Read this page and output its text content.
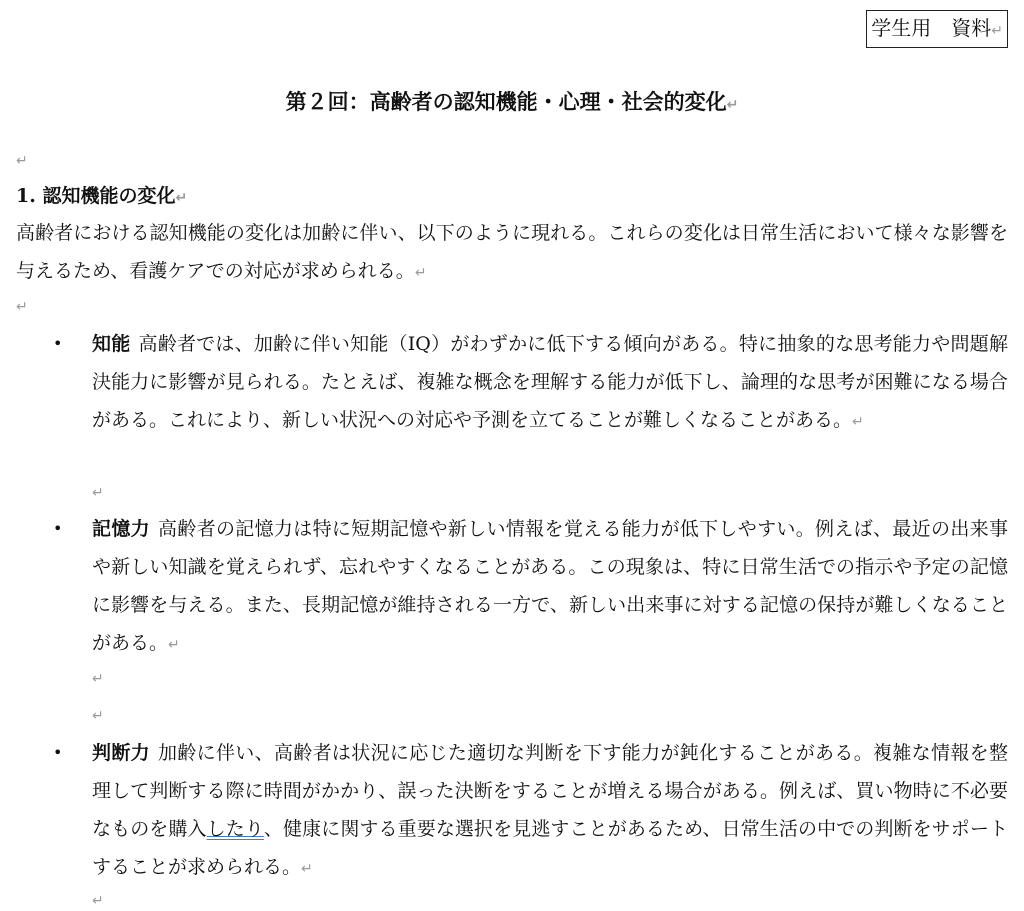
学生用　資料↵
第２回：高齢者の認知機能・心理・社会的変化↵
↵
1. 認知機能の変化↵
高齢者における認知機能の変化は加齢に伴い、以下のように現れる。これらの変化は日常生活において様々な影響を与えるため、看護ケアでの対応が求められる。↵
↵
• 知能 高齢者では、加齢に伴い知能（IQ）がわずかに低下する傾向がある。特に抽象的な思考能力や問題解決能力に影響が見られる。たとえば、複雑な概念を理解する能力が低下し、論理的な思考が困難になる場合がある。これにより、新しい状況への対応や予測を立てることが難しくなることがある。↵
↵
• 記憶力 高齢者の記憶力は特に短期記憶や新しい情報を覚える能力が低下しやすい。例えば、最近の出来事や新しい知識を覚えられず、忘れやすくなることがある。この現象は、特に日常生活での指示や予定の記憶に影響を与える。また、長期記憶が維持される一方で、新しい出来事に対する記憶の保持が難しくなることがある。↵
↵
↵
• 判断力 加齢に伴い、高齢者は状況に応じた適切な判断を下す能力が鈍化することがある。複雑な情報を整理して判断する際に時間がかかり、誤った決断をすることが増える場合がある。例えば、買い物時に不必要なものを購入したり、健康に関する重要な選択を見逃すことがあるため、日常生活の中での判断をサポートすることが求められる。↵
↵
